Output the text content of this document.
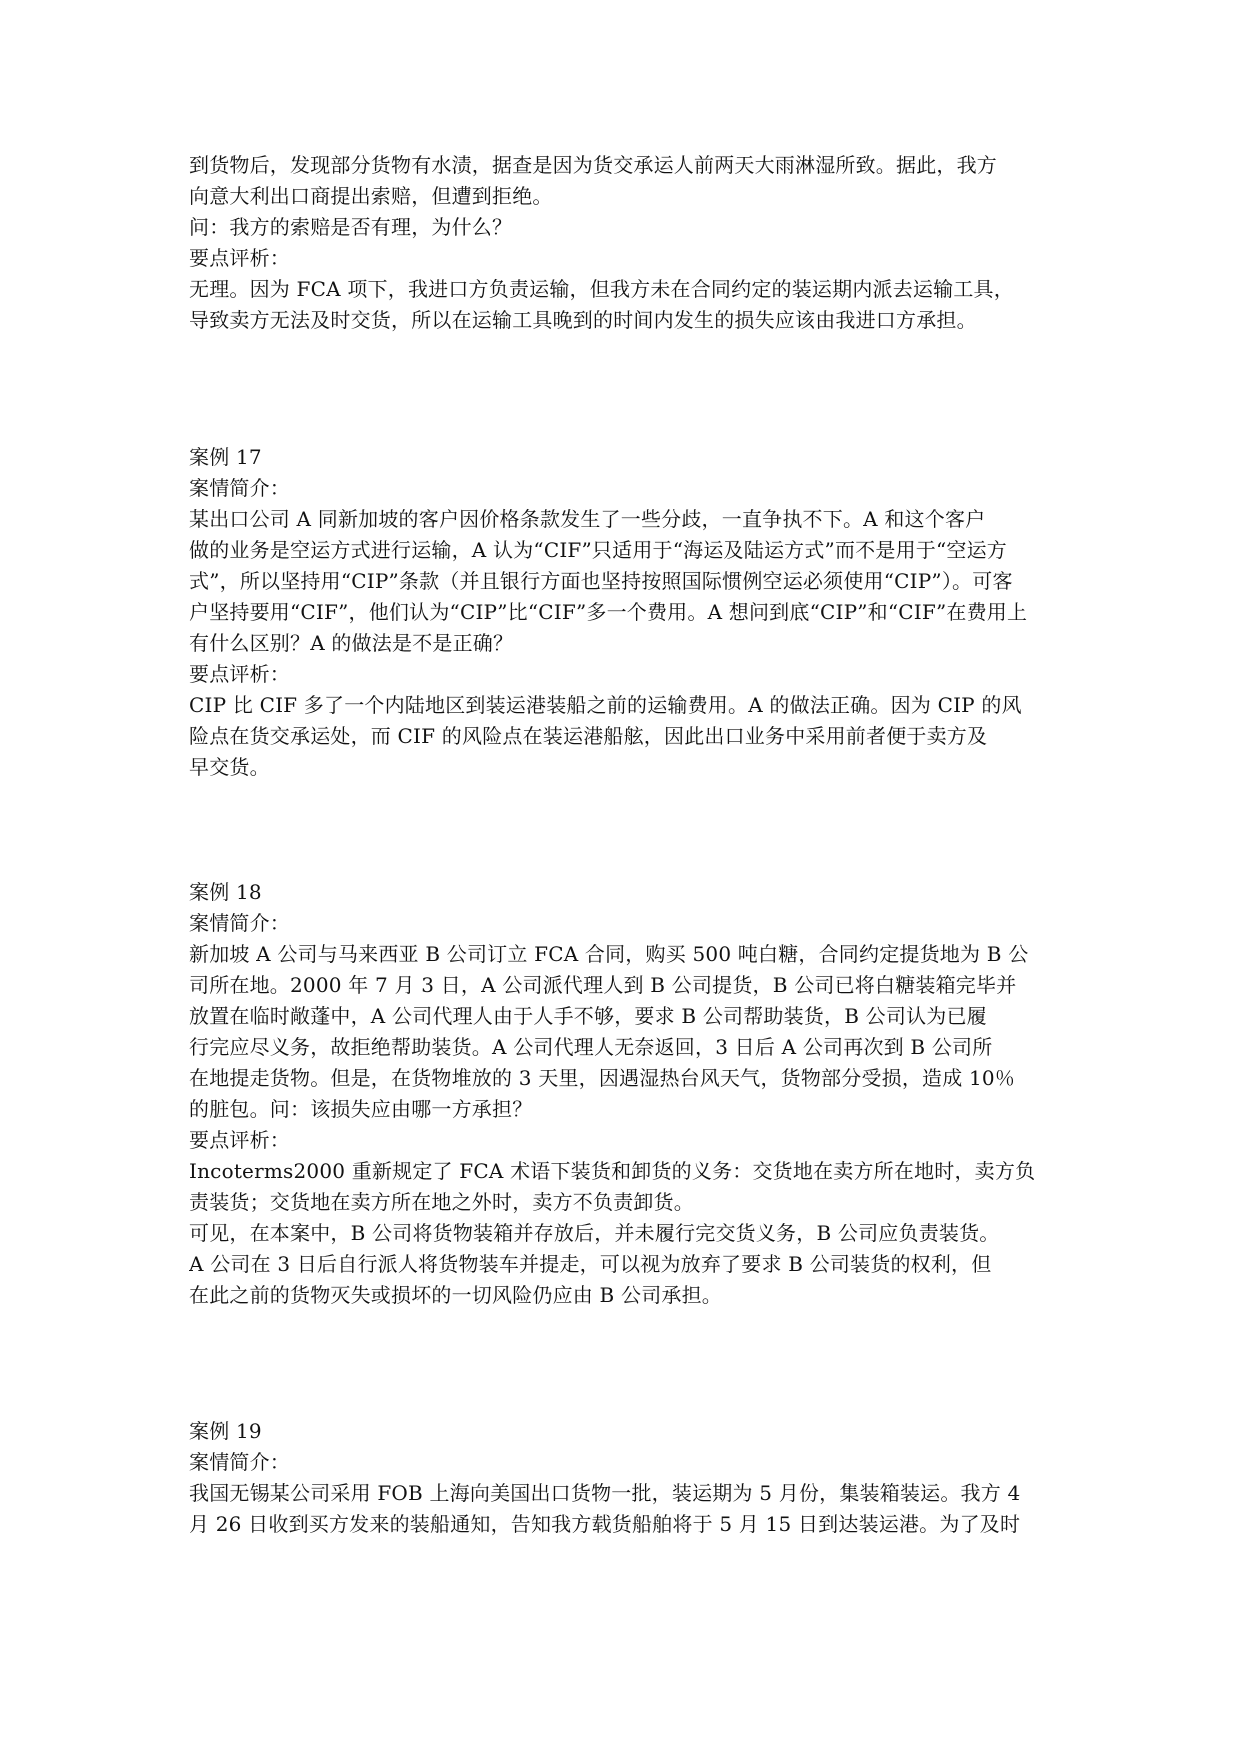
到货物后，发现部分货物有水渍，据查是因为货交承运人前两天大雨淋湿所致。据此，我方
向意大利出口商提出索赔，但遭到拒绝。
问：我方的索赔是否有理，为什么？
要点评析：
无理。因为 FCA 项下，我进口方负责运输，但我方未在合同约定的装运期内派去运输工具，
导致卖方无法及时交货，所以在运输工具晚到的时间内发生的损失应该由我进口方承担。
案例 17
案情简介：
某出口公司 A 同新加坡的客户因价格条款发生了一些分歧，一直争执不下。A 和这个客户
做的业务是空运方式进行运输，A 认为“CIF”只适用于“海运及陆运方式”而不是用于“空运方
式”，所以坚持用“CIP”条款（并且银行方面也坚持按照国际惯例空运必须使用“CIP”）。可客
户坚持要用“CIF”，他们认为“CIP”比“CIF”多一个费用。A 想问到底“CIP”和“CIF”在费用上
有什么区别？A 的做法是不是正确？
要点评析：
CIP 比 CIF 多了一个内陆地区到装运港装船之前的运输费用。A 的做法正确。因为 CIP 的风
险点在货交承运处，而 CIF 的风险点在装运港船舷，因此出口业务中采用前者便于卖方及
早交货。
案例 18
案情简介：
新加坡 A 公司与马来西亚 B 公司订立 FCA 合同，购买 500 吨白糖，合同约定提货地为 B 公
司所在地。2000 年 7 月 3 日，A 公司派代理人到 B 公司提货，B 公司已将白糖装箱完毕并
放置在临时敞蓬中，A 公司代理人由于人手不够，要求 B 公司帮助装货，B 公司认为已履
行完应尽义务，故拒绝帮助装货。A 公司代理人无奈返回，3 日后 A 公司再次到 B 公司所
在地提走货物。但是，在货物堆放的 3 天里，因遇湿热台风天气，货物部分受损，造成 10％
的脏包。问：该损失应由哪一方承担？
要点评析：
Incoterms2000 重新规定了 FCA 术语下装货和卸货的义务：交货地在卖方所在地时，卖方负
责装货；交货地在卖方所在地之外时，卖方不负责卸货。
可见，在本案中，B 公司将货物装箱并存放后，并未履行完交货义务，B 公司应负责装货。
A 公司在 3 日后自行派人将货物装车并提走，可以视为放弃了要求 B 公司装货的权利，但
在此之前的货物灭失或损坏的一切风险仍应由 B 公司承担。
案例 19
案情简介：
我国无锡某公司采用 FOB 上海向美国出口货物一批，装运期为 5 月份，集装箱装运。我方 4
月 26 日收到买方发来的装船通知，告知我方载货船舶将于 5 月 15 日到达装运港。为了及时
